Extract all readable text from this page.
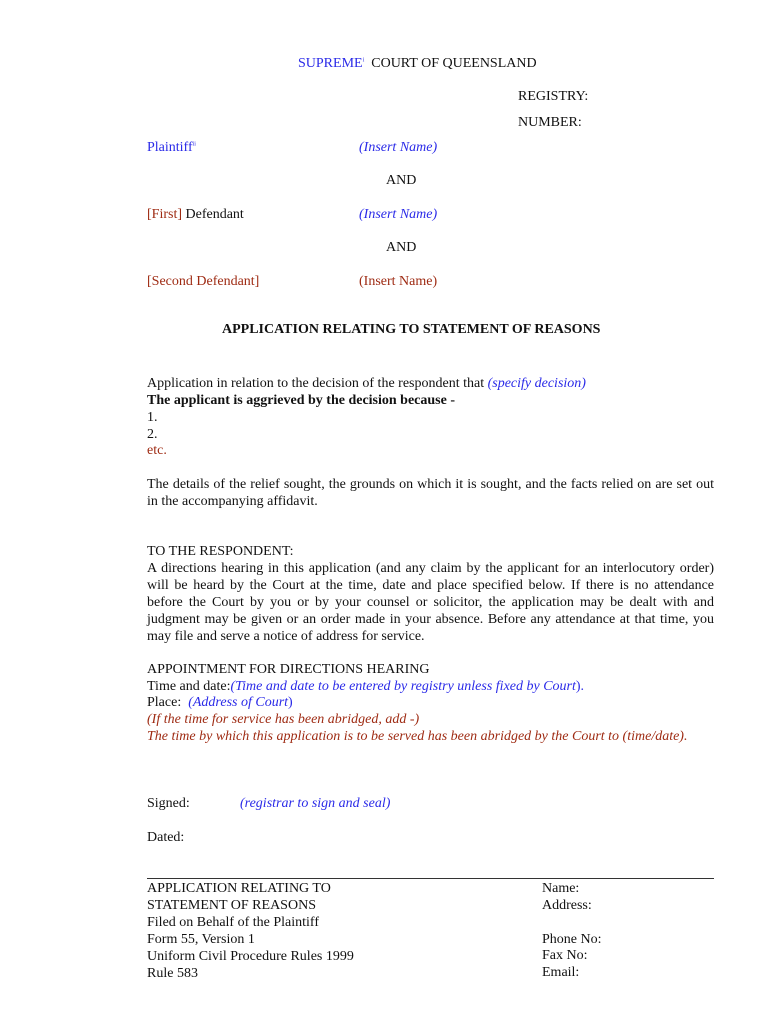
SUPREME$^i$ COURT OF QUEENSLAND
REGISTRY:
NUMBER:
Plaintiff$^{ii}$	(Insert Name)
AND
[First] Defendant	(Insert Name)
AND
[Second Defendant]	(Insert Name)
APPLICATION RELATING TO STATEMENT OF REASONS
Application in relation to the decision of the respondent that (specify decision)
The applicant is aggrieved by the decision because -
1.
2.
etc.
The details of the relief sought, the grounds on which it is sought, and the facts relied on are set out in the accompanying affidavit.
TO THE RESPONDENT:
A directions hearing in this application (and any claim by the applicant for an interlocutory order) will be heard by the Court at the time, date and place specified below. If there is no attendance before the Court by you or by your counsel or solicitor, the application may be dealt with and judgment may be given or an order made in your absence. Before any attendance at that time, you may file and serve a notice of address for service.
APPOINTMENT FOR DIRECTIONS HEARING
Time and date:(Time and date to be entered by registry unless fixed by Court).
Place: (Address of Court)
(If the time for service has been abridged, add -)
The time by which this application is to be served has been abridged by the Court to (time/date).
Signed:	(registrar to sign and seal)
Dated:
APPLICATION RELATING TO
STATEMENT OF REASONS
Filed on Behalf of the Plaintiff
Form 55, Version 1
Uniform Civil Procedure Rules 1999
Rule 583
Name:
Address:
Phone No:
Fax No:
Email:
